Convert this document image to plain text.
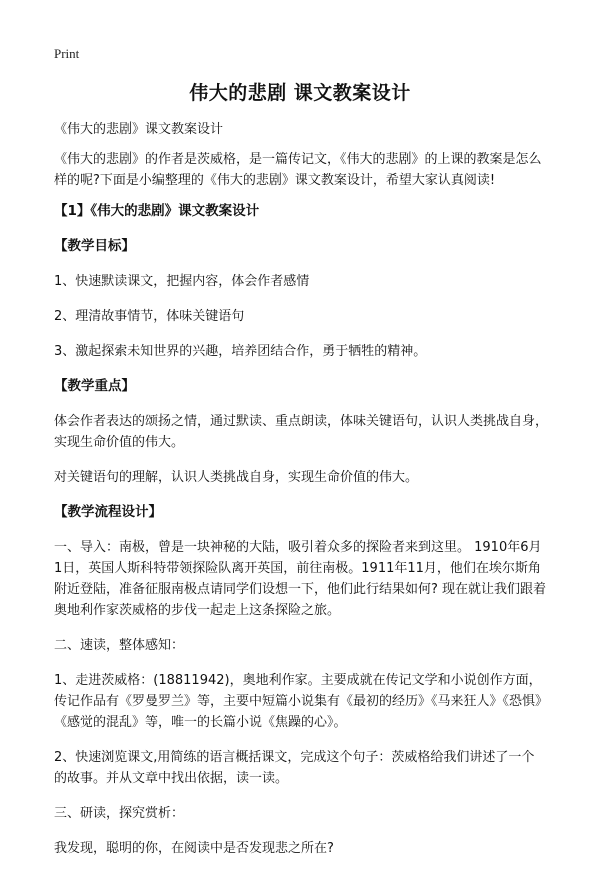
Print
伟大的悲剧 课文教案设计

《伟大的悲剧》课文教案设计

《伟大的悲剧》的作者是茨威格，是一篇传记文，《伟大的悲剧》的上课的教案是怎么样的呢?下面是小编整理的《伟大的悲剧》课文教案设计，希望大家认真阅读!

【1】《伟大的悲剧》课文教案设计

【教学目标】

1、快速默读课文，把握内容，体会作者感情

2、理清故事情节，体味关键语句

3、激起探索未知世界的兴趣，培养团结合作，勇于牺牲的精神。

【教学重点】

体会作者表达的颂扬之情，通过默读、重点朗读，体味关键语句，认识人类挑战自身，实现生命价值的伟大。

对关键语句的理解，认识人类挑战自身，实现生命价值的伟大。

【教学流程设计】

一、导入：南极，曾是一块神秘的大陆，吸引着众多的探险者来到这里。 1910年6月1日，英国人斯科特带领探险队离开英国，前往南极。1911年11月，他们在埃尔斯角附近登陆，准备征服南极点请同学们设想一下，他们此行结果如何? 现在就让我们跟着奥地利作家茨威格的步伐一起走上这条探险之旅。

二、速读，整体感知：

1、走进茨威格：(18811942)，奥地利作家。主要成就在传记文学和小说创作方面，传记作品有《罗曼罗兰》等，主要中短篇小说集有《最初的经历》《马来狂人》《恐惧》《感觉的混乱》等，唯一的长篇小说《焦躁的心》。

2、快速浏览课文,用简练的语言概括课文，完成这个句子：茨威格给我们讲述了一个 的故事。并从文章中找出依据，读一读。

三、研读，探究赏析：

我发现，聪明的你，在阅读中是否发现悲之所在?
